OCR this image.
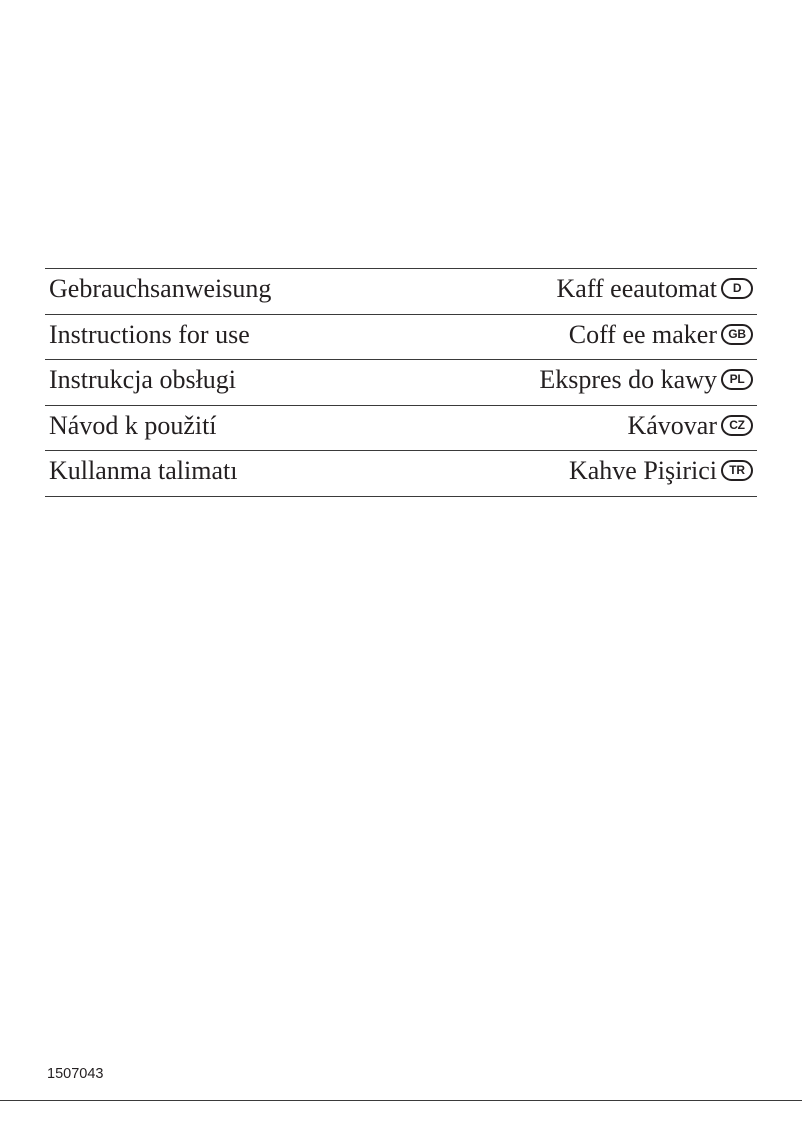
Gebrauchsanweisung	Kaff eeautomat	D
Instructions for use	Coff ee maker GB
Instrukcja obsługi	Ekspres do kawy	PL
Návod k použití	Kávovar	CZ
Kullanma talimatı	Kahve Pişirici	TR
1507043
